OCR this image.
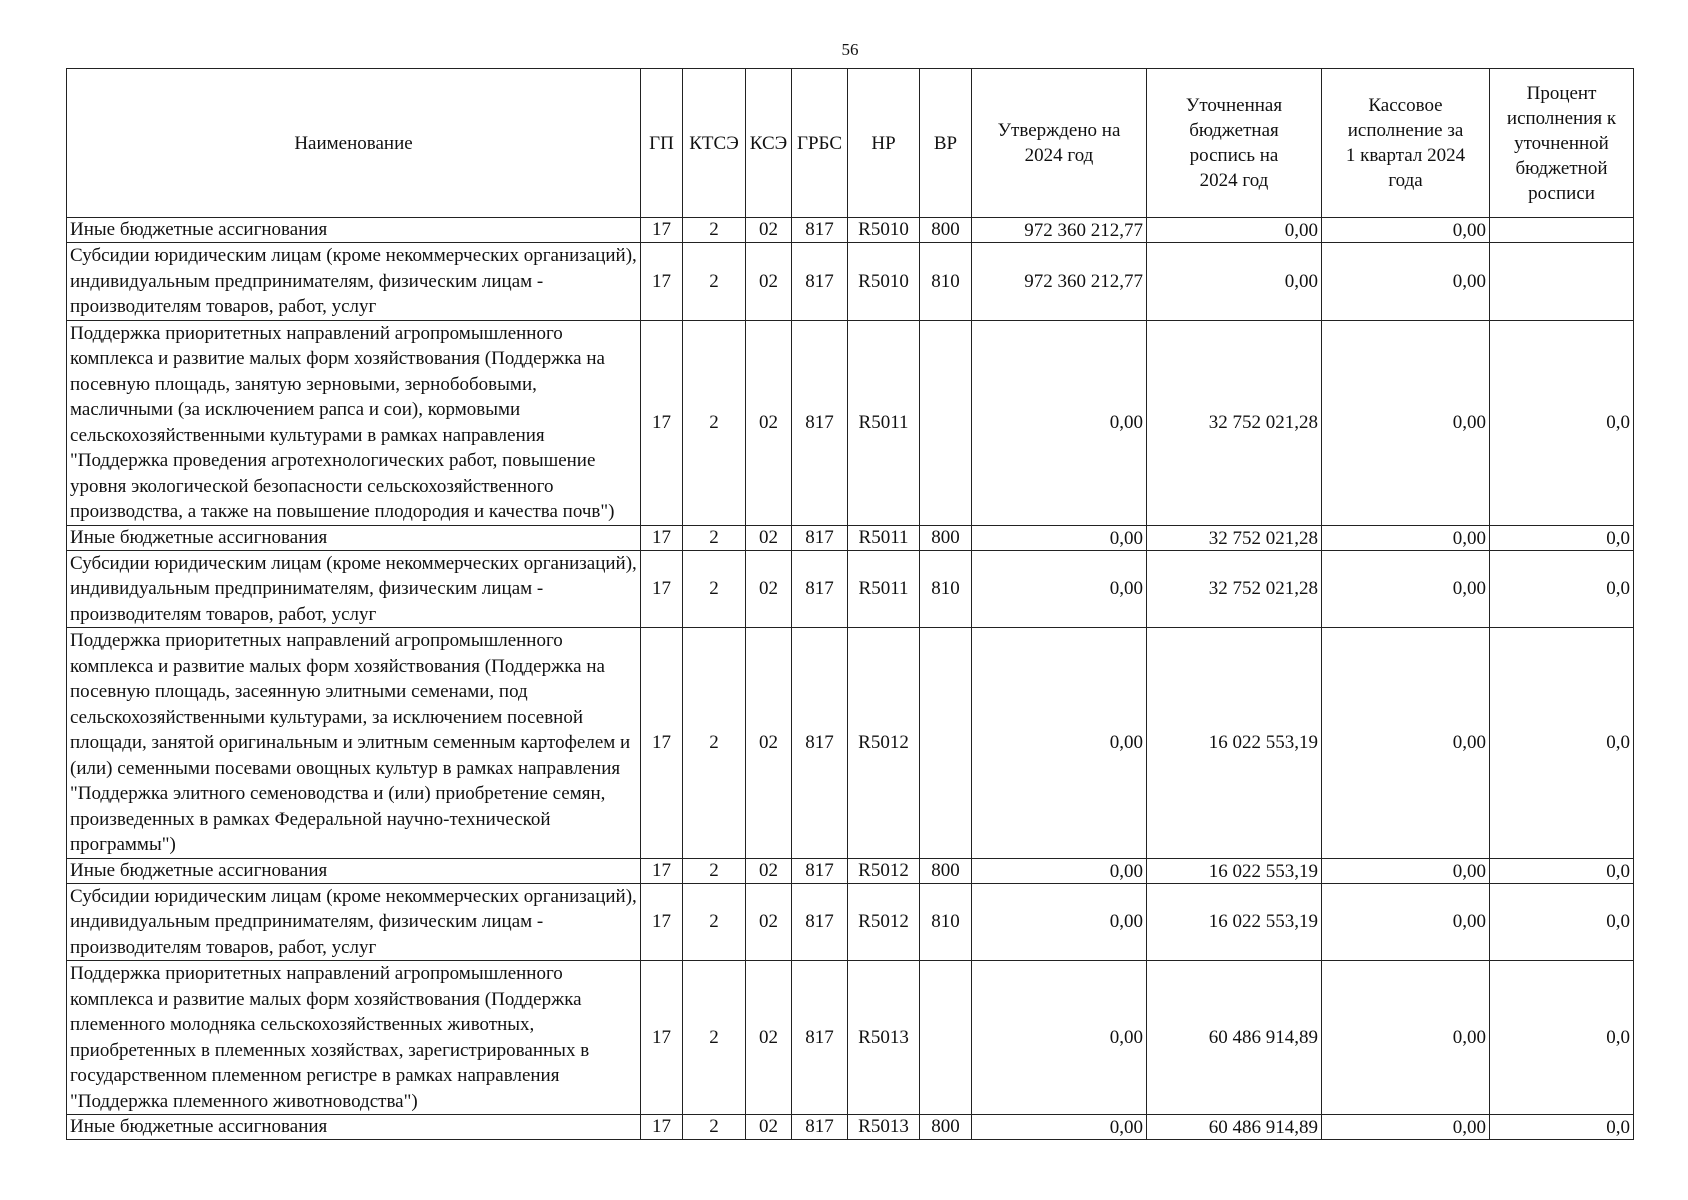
56
Наименование	ГП	КТСЭ	КСЭ	ГРБС	НР	ВР	Утверждено на 2024 год	Уточненная бюджетная роспись на 2024 год	Кассовое исполнение за 1 квартал 2024 года	Процент исполнения к уточненной бюджетной росписи
Иные бюджетные ассигнования	17	2	02	817	R5010	800	972 360 212,77	0,00	0,00	
Субсидии юридическим лицам (кроме некоммерческих организаций), индивидуальным предпринимателям, физическим лицам - производителям товаров, работ, услуг	17	2	02	817	R5010	810	972 360 212,77	0,00	0,00	
Поддержка приоритетных направлений агропромышленного комплекса и развитие малых форм хозяйствования (Поддержка на посевную площадь, занятую зерновыми, зернобобовыми, масличными (за исключением рапса и сои), кормовыми сельскохозяйственными культурами в рамках направления "Поддержка проведения агротехнологических работ, повышение уровня экологической безопасности сельскохозяйственного производства, а также на повышение плодородия и качества почв")	17	2	02	817	R5011		0,00	32 752 021,28	0,00	0,0
Иные бюджетные ассигнования	17	2	02	817	R5011	800	0,00	32 752 021,28	0,00	0,0
Субсидии юридическим лицам (кроме некоммерческих организаций), индивидуальным предпринимателям, физическим лицам - производителям товаров, работ, услуг	17	2	02	817	R5011	810	0,00	32 752 021,28	0,00	0,0
Поддержка приоритетных направлений агропромышленного комплекса и развитие малых форм хозяйствования (Поддержка на посевную площадь, засеянную элитными семенами, под сельскохозяйственными культурами, за исключением посевной площади, занятой оригинальным и элитным семенным картофелем и (или) семенными посевами овощных культур в рамках направления "Поддержка элитного семеноводства и (или) приобретение семян, произведенных в рамках Федеральной научно-технической программы")	17	2	02	817	R5012		0,00	16 022 553,19	0,00	0,0
Иные бюджетные ассигнования	17	2	02	817	R5012	800	0,00	16 022 553,19	0,00	0,0
Субсидии юридическим лицам (кроме некоммерческих организаций), индивидуальным предпринимателям, физическим лицам - производителям товаров, работ, услуг	17	2	02	817	R5012	810	0,00	16 022 553,19	0,00	0,0
Поддержка приоритетных направлений агропромышленного комплекса и развитие малых форм хозяйствования (Поддержка племенного молодняка сельскохозяйственных животных, приобретенных в племенных хозяйствах, зарегистрированных в государственном племенном регистре в рамках направления "Поддержка племенного животноводства")	17	2	02	817	R5013		0,00	60 486 914,89	0,00	0,0
Иные бюджетные ассигнования	17	2	02	817	R5013	800	0,00	60 486 914,89	0,00	0,0
